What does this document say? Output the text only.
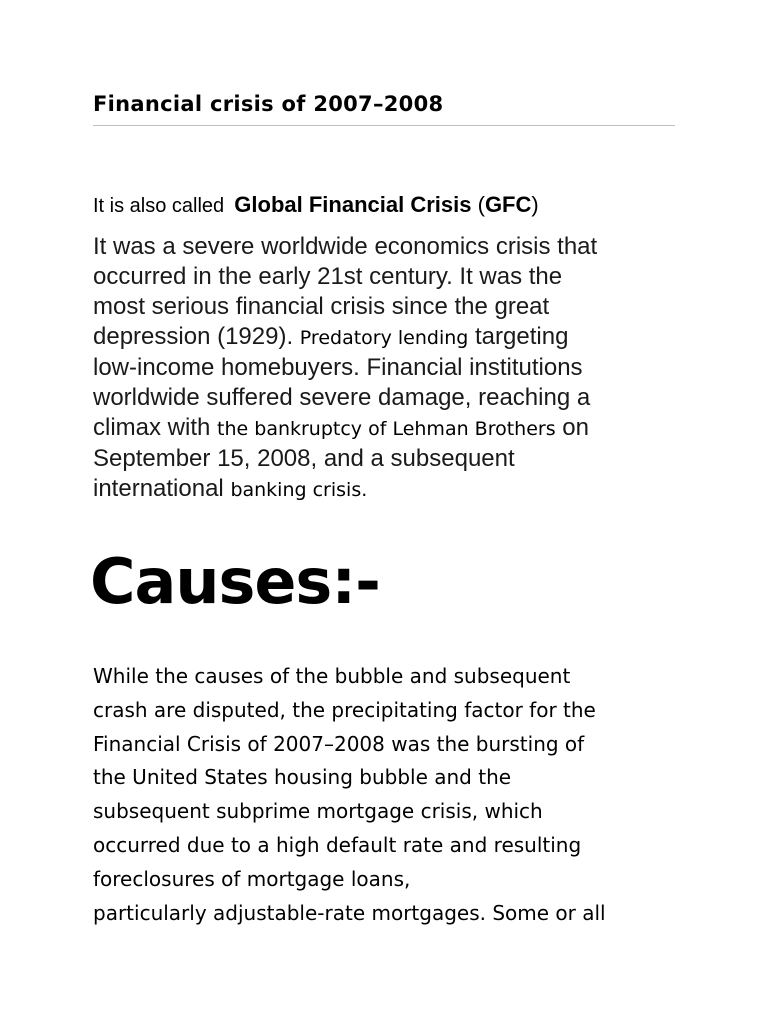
Financial crisis of 2007–2008
It is also called Global Financial Crisis (GFC)
It was a severe worldwide economics crisis that
occurred in the early 21st century. It was the
most serious financial crisis since the great
depression (1929). Predatory lending targeting
low-income homebuyers. Financial institutions
worldwide suffered severe damage, reaching a
climax with the bankruptcy of Lehman Brothers on
September 15, 2008, and a subsequent
international banking crisis.
Causes:-
While the causes of the bubble and subsequent
crash are disputed, the precipitating factor for the
Financial Crisis of 2007–2008 was the bursting of
the United States housing bubble and the
subsequent subprime mortgage crisis, which
occurred due to a high default rate and resulting
foreclosures of mortgage loans,
particularly adjustable-rate mortgages. Some or all
